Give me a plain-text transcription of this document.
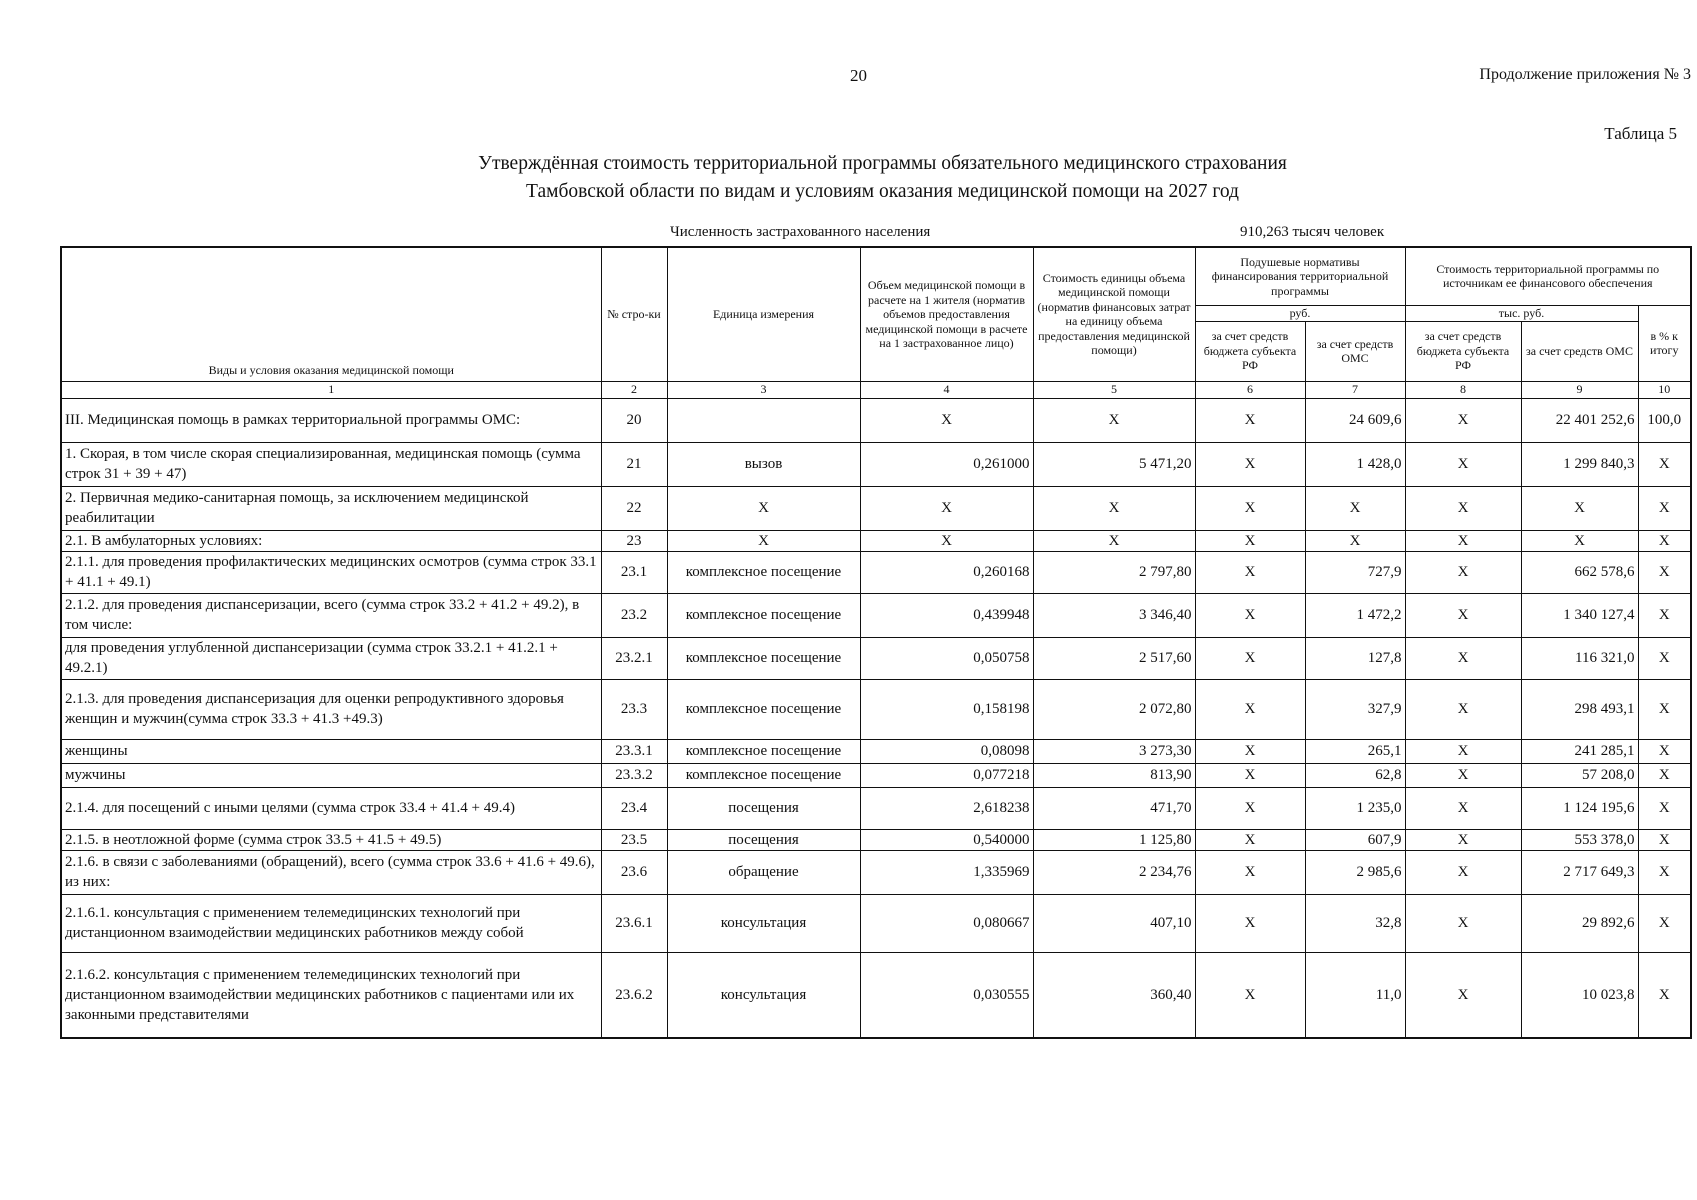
20	Продолжение приложения № 3
Таблица 5
Утверждённая стоимость территориальной программы обязательного медицинского страхования
Тамбовской области по видам и условиям оказания медицинской помощи на 2027 год
Численность застрахованного населения	910,263 тысяч человек
Виды и условия оказания медицинской помощи	№ стро-ки	Единица измерения	Объем медицинской помощи в расчете на 1 жителя (норматив объемов предоставления медицинской помощи в расчете на 1 застрахованное лицо)	Стоимость единицы объема медицинской помощи (норматив финансовых затрат на единицу объема предоставления медицинской помощи)	Подушевые нормативы финансирования территориальной программы		Стоимость территориальной программы по источникам ее финансового обеспечения		
					руб.		тыс. руб.		в % к итогу
					за счет средств бюджета субъекта РФ	за счет средств ОМС	за счет средств бюджета субъекта РФ	за счет средств ОМС	
1	2	3	4	5	6	7	8	9	10
III. Медицинская помощь в рамках территориальной программы ОМС:	20		Х	Х	Х	24 609,6	Х	22 401 252,6	100,0
1. Скорая, в том числе скорая специализированная, медицинская помощь (сумма строк 31 + 39 + 47)	21	вызов	0,261000	5 471,20	Х	1 428,0	Х	1 299 840,3	Х
2. Первичная медико-санитарная помощь, за исключением медицинской реабилитации	22	Х	Х	Х	Х	Х	Х	Х	Х
2.1. В амбулаторных условиях:	23	Х	Х	Х	Х	Х	Х	Х	Х
2.1.1. для проведения профилактических медицинских осмотров (сумма строк 33.1 + 41.1 + 49.1)	23.1	комплексное посещение	0,260168	2 797,80	Х	727,9	Х	662 578,6	Х
2.1.2. для проведения диспансеризации, всего (сумма строк 33.2 + 41.2 + 49.2), в том числе:	23.2	комплексное посещение	0,439948	3 346,40	Х	1 472,2	Х	1 340 127,4	Х
для проведения углубленной диспансеризации (сумма строк 33.2.1 + 41.2.1 + 49.2.1)	23.2.1	комплексное посещение	0,050758	2 517,60	Х	127,8	Х	116 321,0	Х
2.1.3. для проведения диспансеризация для оценки репродуктивного здоровья женщин и мужчин(сумма строк 33.3 + 41.3 +49.3)	23.3	комплексное посещение	0,158198	2 072,80	Х	327,9	Х	298 493,1	Х
женщины	23.3.1	комплексное посещение	0,08098	3 273,30	Х	265,1	Х	241 285,1	Х
мужчины	23.3.2	комплексное посещение	0,077218	813,90	Х	62,8	Х	57 208,0	Х
2.1.4. для посещений с иными целями (сумма строк 33.4 + 41.4 + 49.4)	23.4	посещения	2,618238	471,70	Х	1 235,0	Х	1 124 195,6	Х
2.1.5. в неотложной форме (сумма строк 33.5 + 41.5 + 49.5)	23.5	посещения	0,540000	1 125,80	Х	607,9	Х	553 378,0	Х
2.1.6. в связи с заболеваниями (обращений), всего (сумма строк 33.6 + 41.6 + 49.6), из них:	23.6	обращение	1,335969	2 234,76	Х	2 985,6	Х	2 717 649,3	Х
2.1.6.1. консультация с применением телемедицинских технологий при дистанционном взаимодействии медицинских работников между собой	23.6.1	консультация	0,080667	407,10	Х	32,8	Х	29 892,6	Х
2.1.6.2. консультация с применением телемедицинских технологий при дистанционном взаимодействии медицинских работников с пациентами или их законными представителями	23.6.2	консультация	0,030555	360,40	Х	11,0	Х	10 023,8	Х
